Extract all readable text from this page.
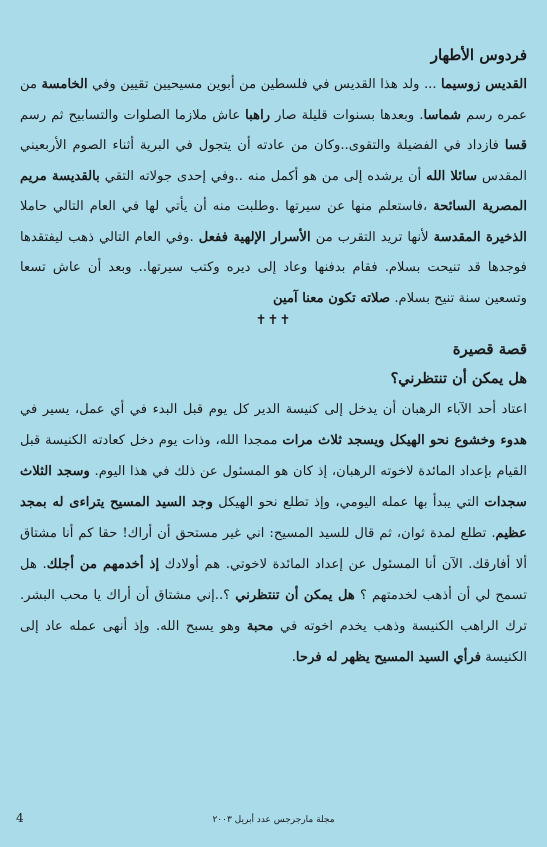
فردوس الأطهار

القديس زوسيما ... ولد هذا القديس في فلسطين من أبوين مسيحيين تقيين وفي الخامسة من عمره رسم شماسا. وبعدها بسنوات قليلة صار راهبا عاش ملازما الصلوات والتسابيح ثم رسم قسا فازداد في الفضيلة والتقوى..وكان من عادته أن يتجول في البرية أثناء الصوم الأربعيني المقدس سائلا الله أن يرشده إلى من هو أكمل منه ..وفي إحدى جولاته التقي بالقديسة مريم المصرية السائحة ،فاستعلم منها عن سيرتها .وطلبت منه أن يأتي لها في العام التالي حاملا الذخيرة المقدسة لأنها تريد التقرب من الأسرار الإلهية ففعل .وفي العام التالي ذهب ليفتقدها فوجدها قد تنيحت بسلام. فقام بدفنها وعاد إلى ديره وكتب سيرتها.. وبعد أن عاش تسعا وتسعين سنة تنيح بسلام. صلاته تكون معنا آمين

✝✝✝
قصة قصيرة
هل يمكن أن تنتظرني؟

اعتاد أحد الآباء الرهبان أن يدخل إلى كنيسة الدير كل يوم قبل البدء في أي عمل، يسير في هدوء وخشوع نحو الهيكل ويسجد ثلاث مرات ممجدا الله، وذات يوم دخل كعادته الكنيسة قبل القيام بإعداد المائدة لاخوته الرهبان، إذ كان هو المسئول عن ذلك في هذا اليوم. وسجد الثلاث سجدات التي يبدأ بها عمله اليومي، وإذ تطلع نحو الهيكل وجد السيد المسيح يتراءى له بمجد عظيم. تطلع لمدة ثوان، ثم قال للسيد المسيح: اني غير مستحق أن أراك! حقا كم أنا مشتاق ألا أفارقك. الآن أنا المسئول عن إعداد المائدة لاخوتي. هم أولادك إذ أخدمهم من أجلك. هل تسمح لي أن أذهب لخدمتهم ؟ هل يمكن أن تنتظرني ؟..إني مشتاق أن أراك يا محب البشر. ترك الراهب الكنيسة وذهب يخدم اخوته في محبة وهو يسبح الله. وإذ أنهى عمله عاد إلى الكنيسة فرأي السيد المسيح يظهر له فرحا.

4	مجلة مارجرجس عدد أبريل ٢٠٠٣
